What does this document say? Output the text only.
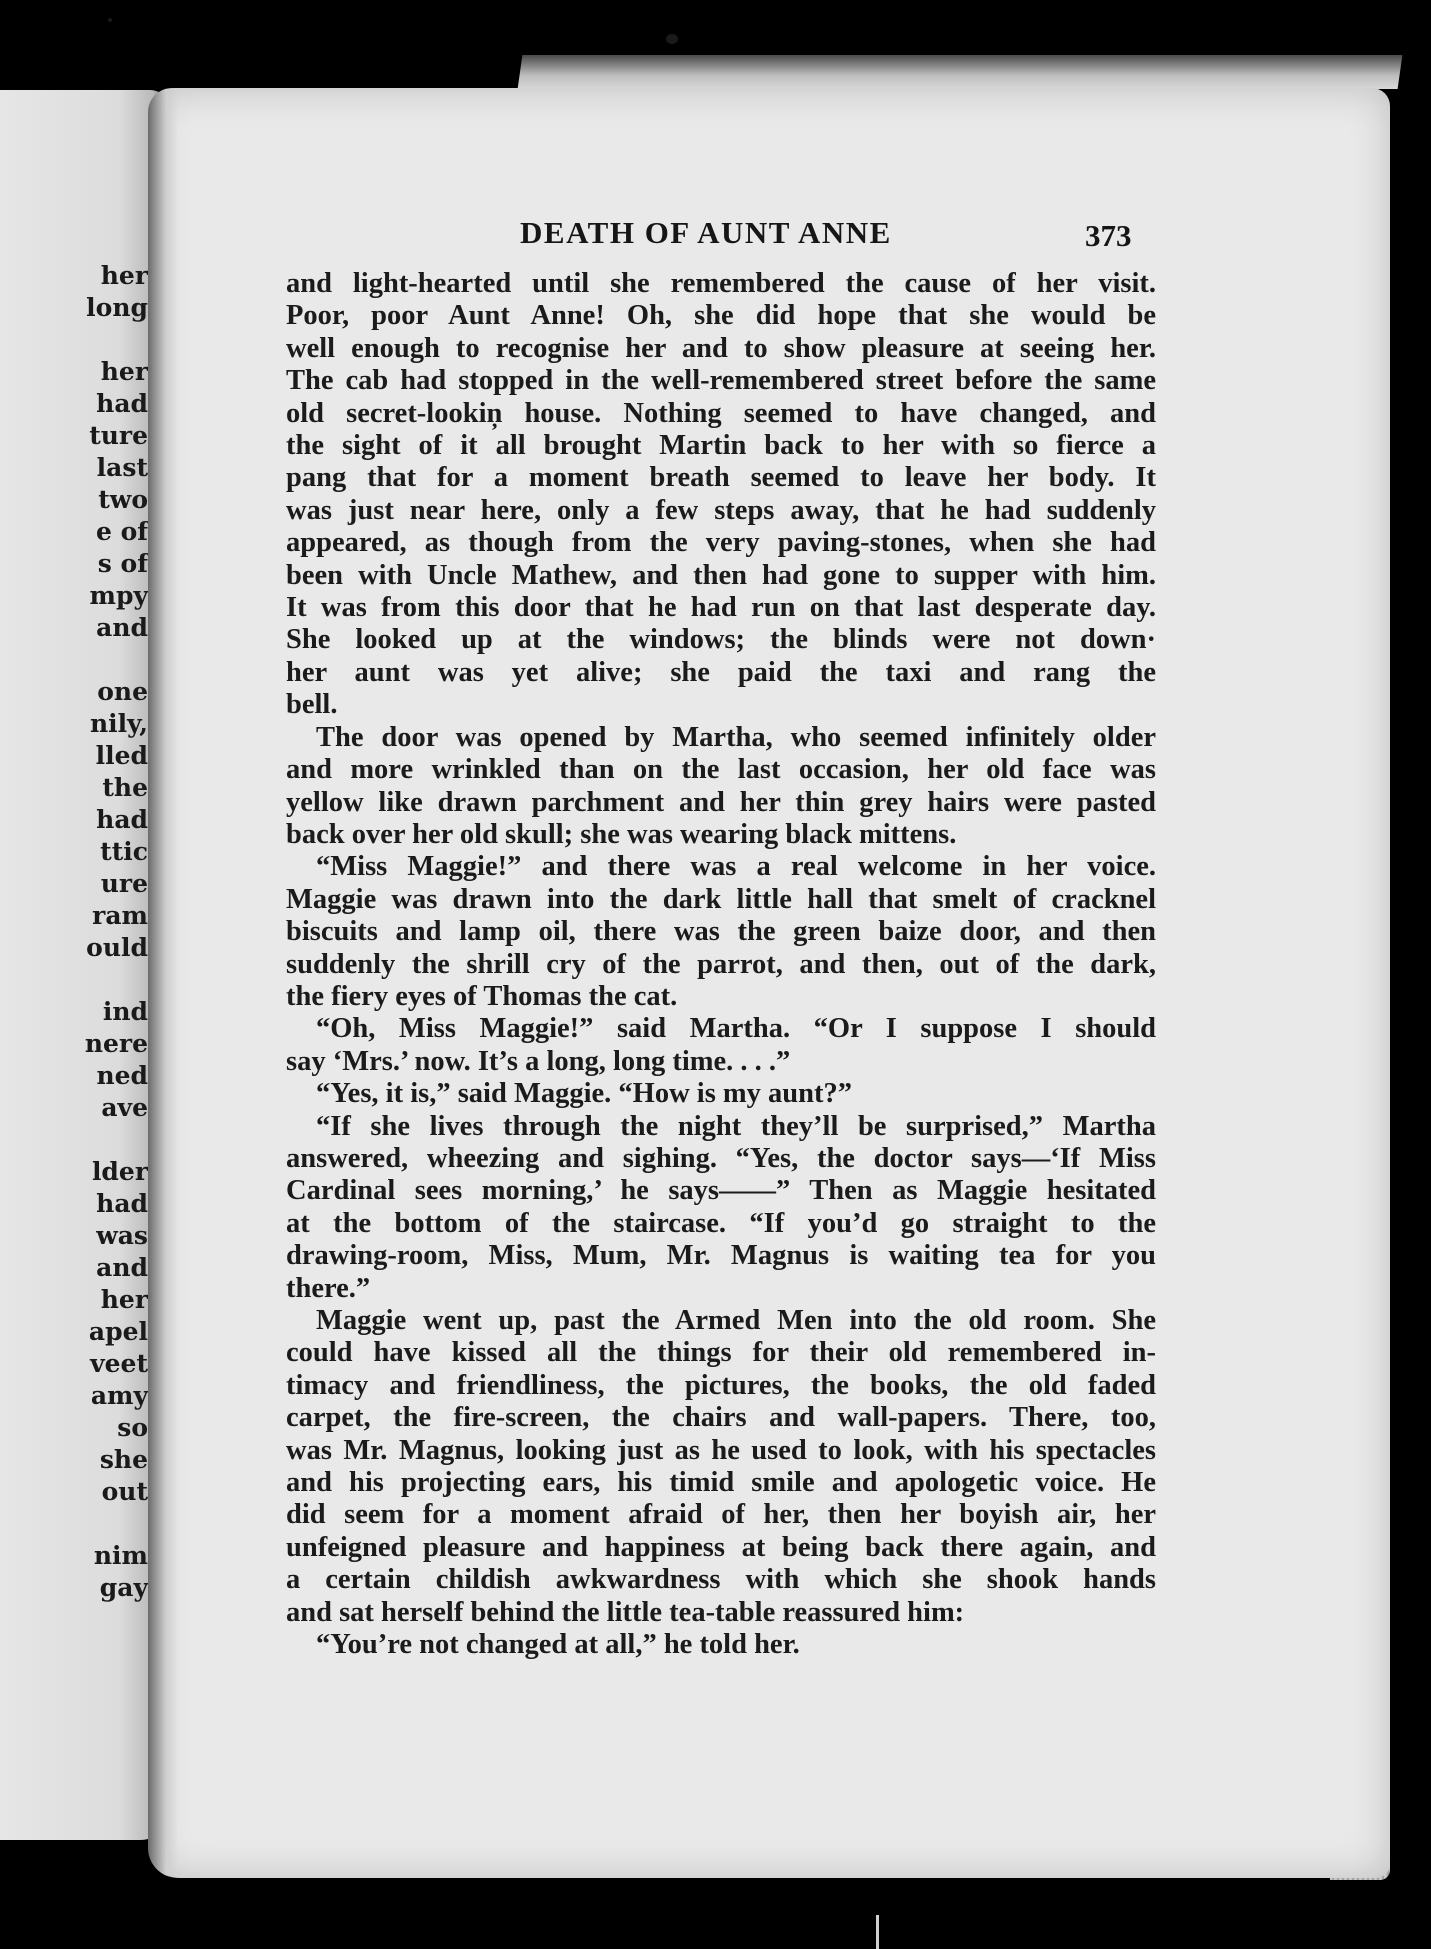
her
long
her
had
ture
last
two
e of
s of
mpy
and
one
nily,
lled
the
had
ttic
ure
ram
ould
ind
nere
ned
ave
lder
had
was
and
her
apel
veet
amy
so
she
out
nim
gay
DEATH OF AUNT ANNE	373
and light-hearted until she remembered the cause of her visit.
Poor, poor Aunt Anne! Oh, she did hope that she would be
well enough to recognise her and to show pleasure at seeing her.
The cab had stopped in the well-remembered street before the same
old secret-lookin̦ house. Nothing seemed to have changed, and
the sight of it all brought Martin back to her with so fierce a
pang that for a moment breath seemed to leave her body. It
was just near here, only a few steps away, that he had suddenly
appeared, as though from the very paving-stones, when she had
been with Uncle Mathew, and then had gone to supper with him.
It was from this door that he had run on that last desperate day.
She looked up at the windows; the blinds were not down·
her aunt was yet alive; she paid the taxi and rang the
bell.
The door was opened by Martha, who seemed infinitely older
and more wrinkled than on the last occasion, her old face was
yellow like drawn parchment and her thin grey hairs were pasted
back over her old skull; she was wearing black mittens.
“Miss Maggie!” and there was a real welcome in her voice.
Maggie was drawn into the dark little hall that smelt of cracknel
biscuits and lamp oil, there was the green baize door, and then
suddenly the shrill cry of the parrot, and then, out of the dark,
the fiery eyes of Thomas the cat.
“Oh, Miss Maggie!” said Martha. “Or I suppose I should
say ‘Mrs.’ now. It’s a long, long time. . . .”
“Yes, it is,” said Maggie. “How is my aunt?”
“If she lives through the night they’ll be surprised,” Martha
answered, wheezing and sighing. “Yes, the doctor says—‘If Miss
Cardinal sees morning,’ he says——” Then as Maggie hesitated
at the bottom of the staircase. “If you’d go straight to the
drawing-room, Miss, Mum, Mr. Magnus is waiting tea for you
there.”
Maggie went up, past the Armed Men into the old room. She
could have kissed all the things for their old remembered in-
timacy and friendliness, the pictures, the books, the old faded
carpet, the fire-screen, the chairs and wall-papers. There, too,
was Mr. Magnus, looking just as he used to look, with his spectacles
and his projecting ears, his timid smile and apologetic voice. He
did seem for a moment afraid of her, then her boyish air, her
unfeigned pleasure and happiness at being back there again, and
a certain childish awkwardness with which she shook hands
and sat herself behind the little tea-table reassured him:
“You’re not changed at all,” he told her.
